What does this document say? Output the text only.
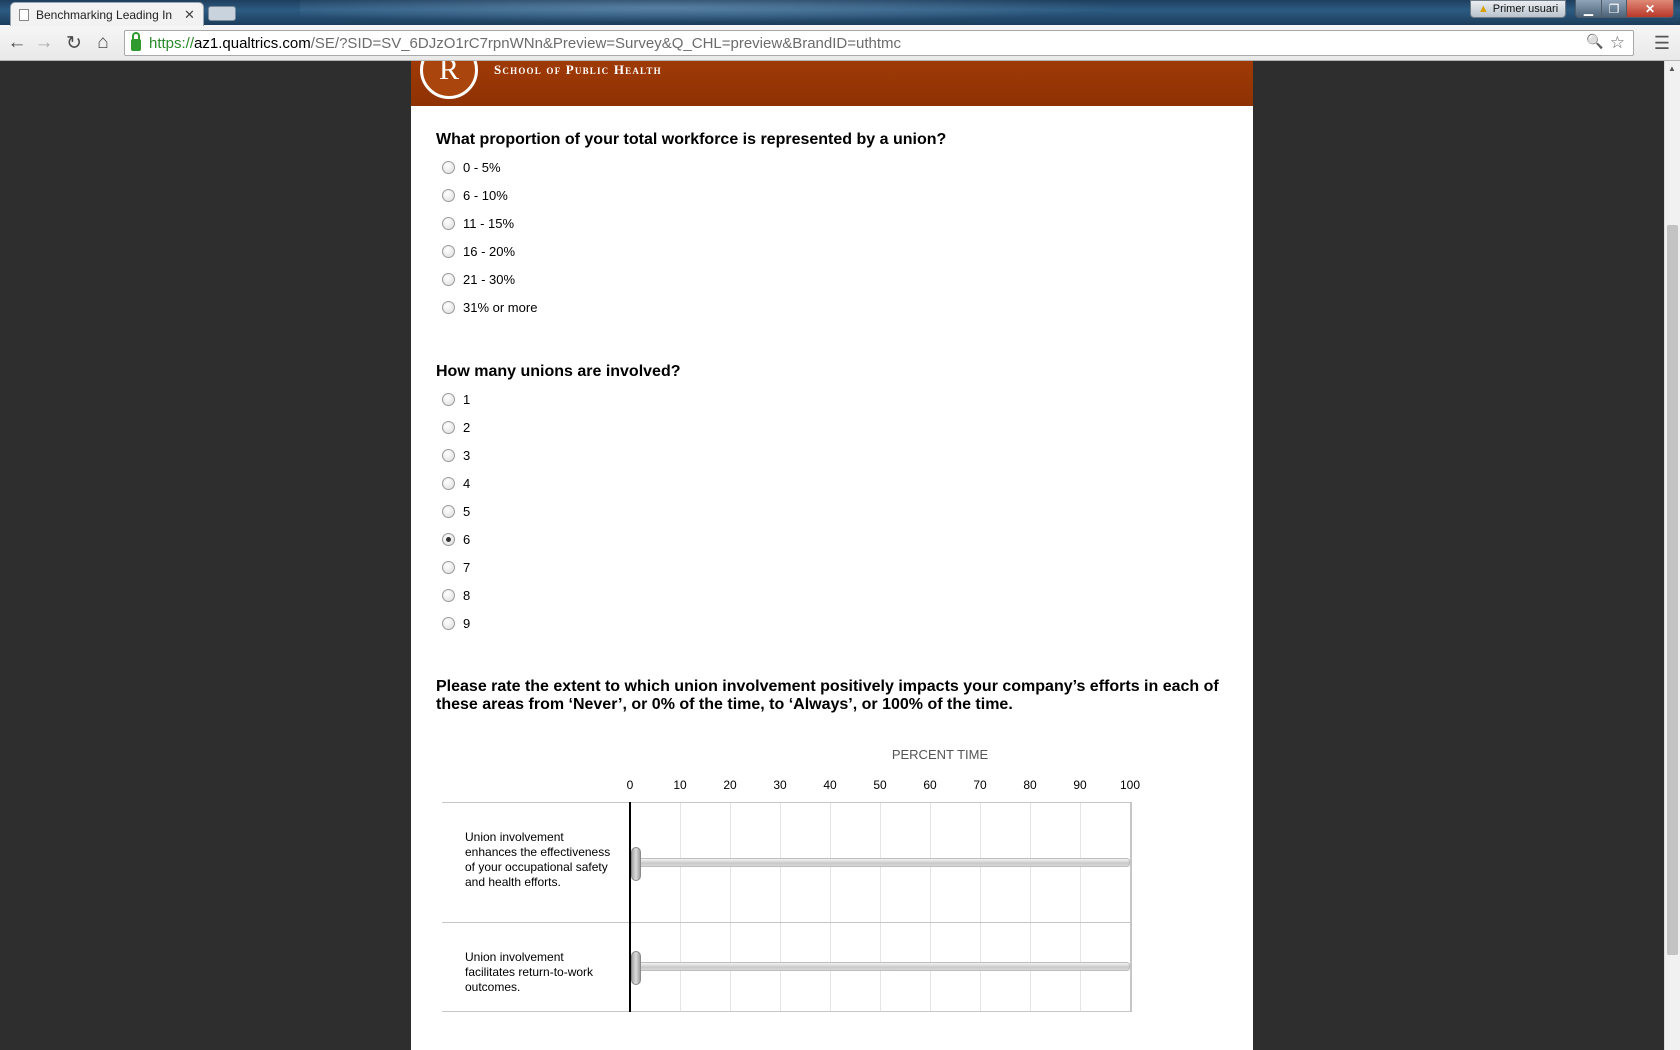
Benchmarking Leading In ✕	▲ Primer usuari	▁	❐	✕
← → ↻ ⌂	https:// az1.qualtrics.com /SE/?SID=SV_6DJzO1rC7rpnWNn&Preview=Survey&Q_CHL=preview&BrandID=uthtmc	🔍 ☆ ☰
R	School of Public Health
What proportion of your total workforce is represented by a union?
0 - 5%
6 - 10%
11 - 15%
16 - 20%
21 - 30%
31% or more
How many unions are involved?
1
2
3
4
5
6
7
8
9
Please rate the extent to which union involvement positively impacts your company’s efforts in each of these areas from ‘Never’, or 0% of the time, to ‘Always’, or 100% of the time.
PERCENT TIME
0	10	20	30	40	50	60	70	80	90	100
Union involvement enhances the effectiveness of your occupational safety and health efforts.
Union involvement facilitates return-to-work outcomes.
▲
